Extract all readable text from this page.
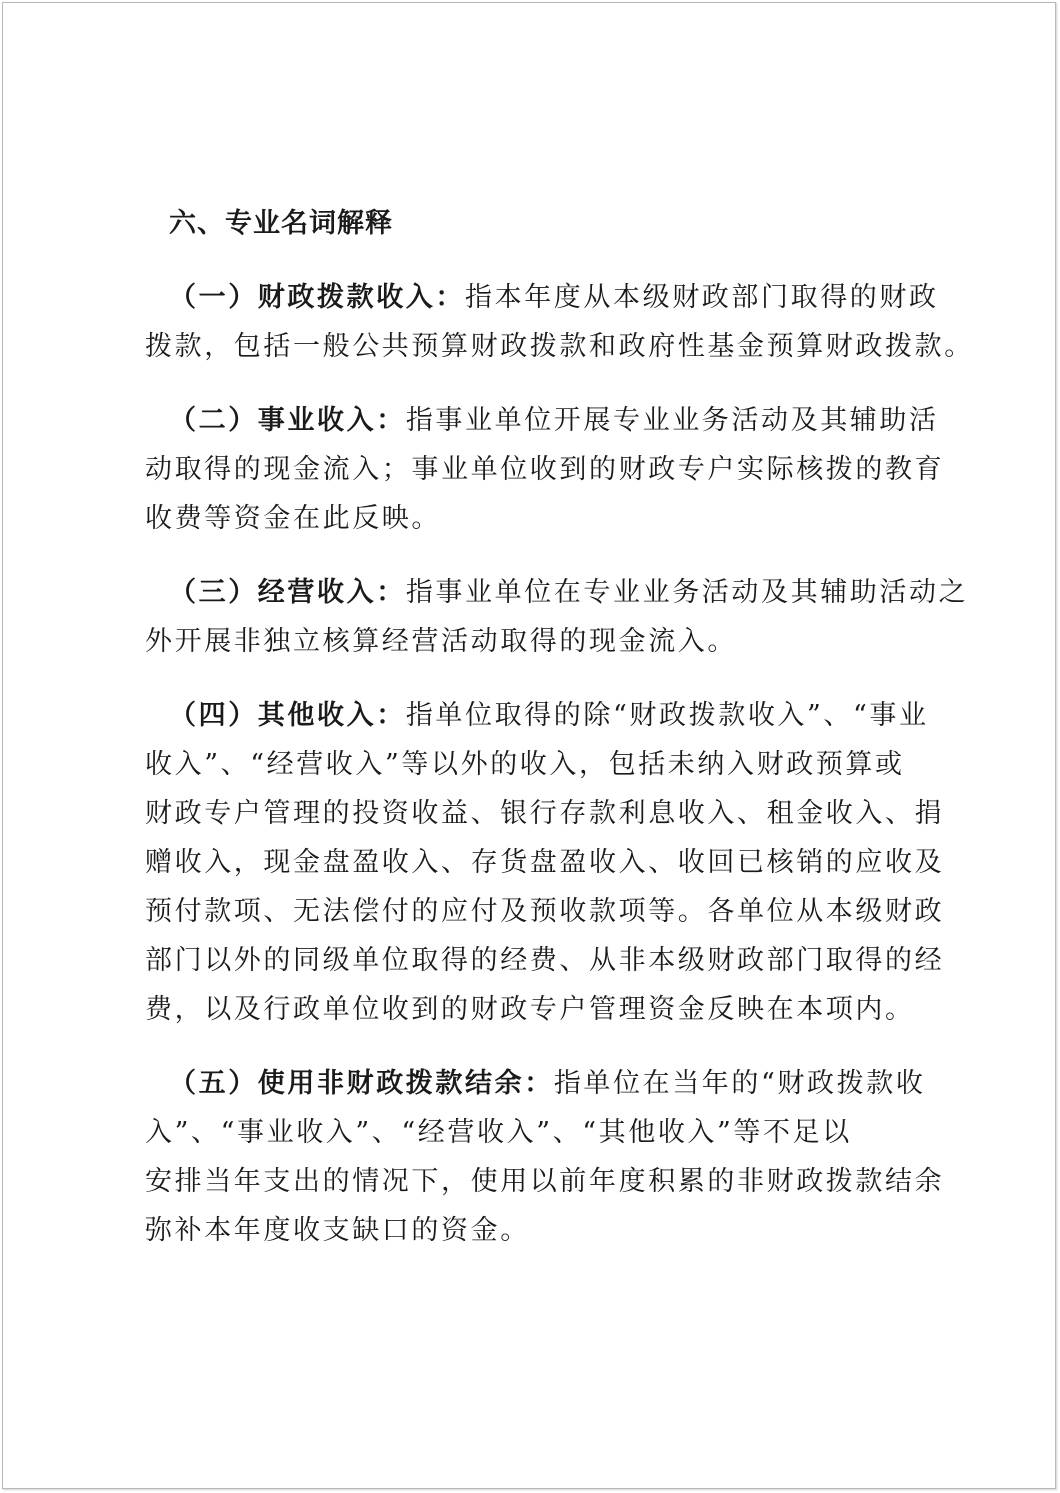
六、专业名词解释
（一）财政拨款收入：指本年度从本级财政部门取得的财政
拨款，包括一般公共预算财政拨款和政府性基金预算财政拨款。
（二）事业收入：指事业单位开展专业业务活动及其辅助活
动取得的现金流入；事业单位收到的财政专户实际核拨的教育
收费等资金在此反映。
（三）经营收入：指事业单位在专业业务活动及其辅助活动之
外开展非独立核算经营活动取得的现金流入。
（四）其他收入：指单位取得的除“财政拨款收入”、“事业
收入”、“经营收入”等以外的收入，包括未纳入财政预算或
财政专户管理的投资收益、银行存款利息收入、租金收入、捐
赠收入，现金盘盈收入、存货盘盈收入、收回已核销的应收及
预付款项、无法偿付的应付及预收款项等。各单位从本级财政
部门以外的同级单位取得的经费、从非本级财政部门取得的经
费，以及行政单位收到的财政专户管理资金反映在本项内。
（五）使用非财政拨款结余：指单位在当年的“财政拨款收
入”、“事业收入”、“经营收入”、“其他收入”等不足以
安排当年支出的情况下，使用以前年度积累的非财政拨款结余
弥补本年度收支缺口的资金。
